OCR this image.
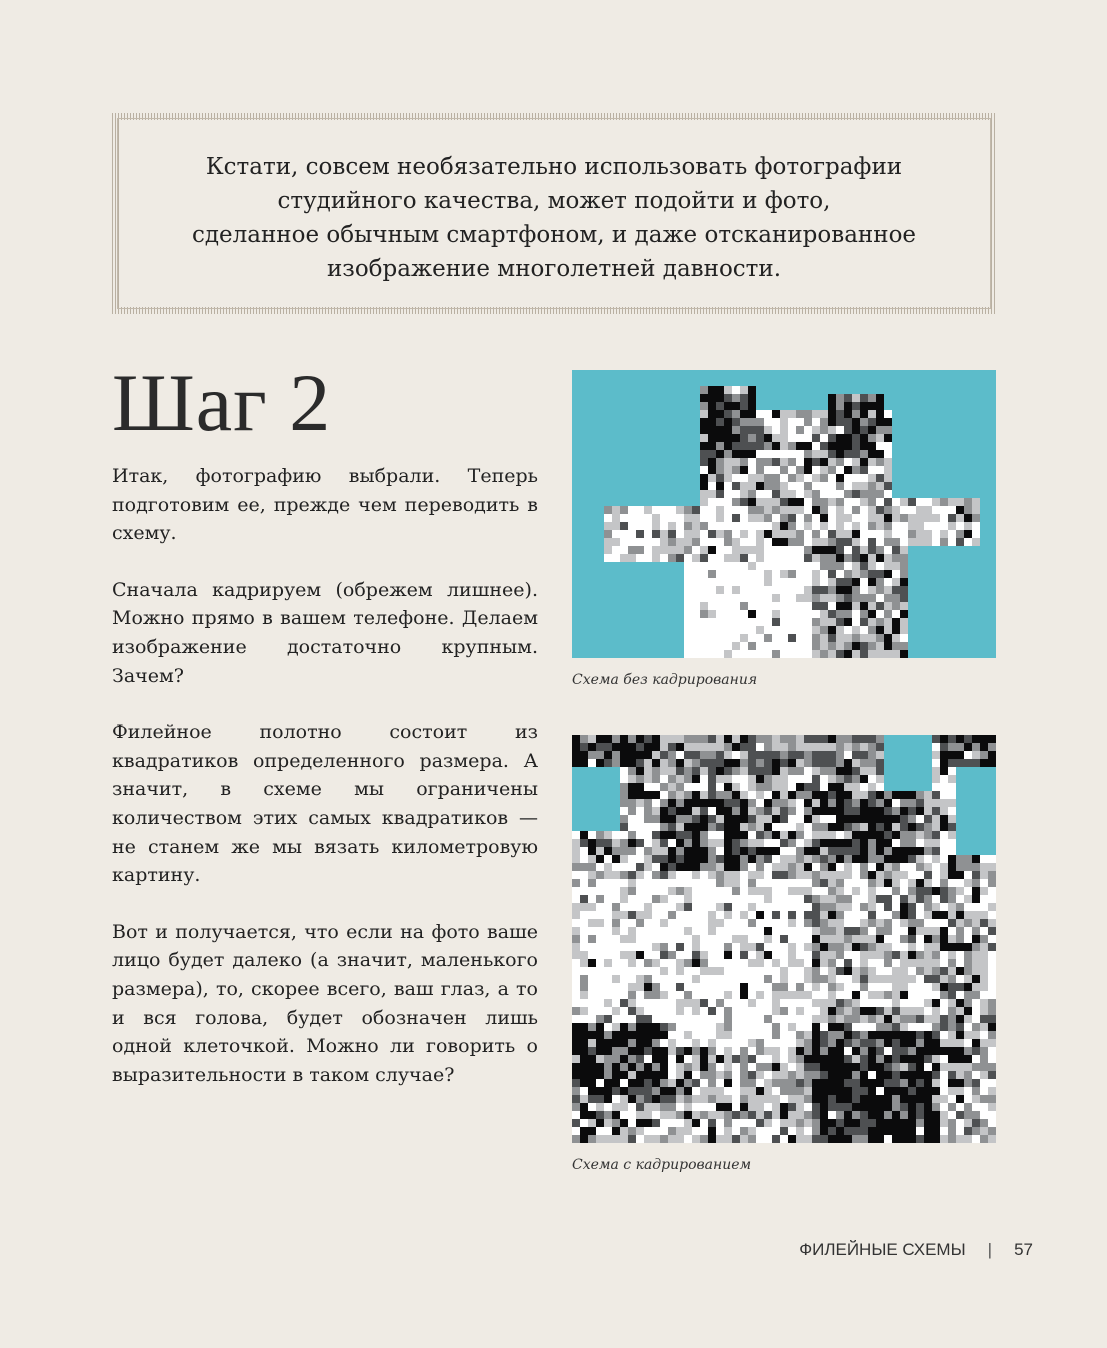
Кстати, совсем необязательно использовать фотографии
студийного качества, может подойти и фото,
сделанное обычным смартфоном, и даже отсканированное
изображение многолетней давности.
Шаг 2

Итак, фотографию выбрали. Теперь подготовим ее, прежде чем переводить в схему.

Сначала кадрируем (обрежем лишнее). Можно прямо в вашем телефоне. Делаем изображение достаточно крупным. Зачем?

Филейное полотно состоит из квадратиков определенного размера. А значит, в схеме мы ограничены количеством этих самых квадратиков — не станем же мы вязать километровую картину.

Вот и получается, что если на фото ваше лицо будет далеко (а значит, маленького размера), то, скорее всего, ваш глаз, а то и вся голова, будет обозначен лишь одной клеточкой. Можно ли говорить о выразительности в таком случае?

Схема без кадрирования
Схема с кадрированием
ФИЛЕЙНЫЕ СХЕМЫ | 57
